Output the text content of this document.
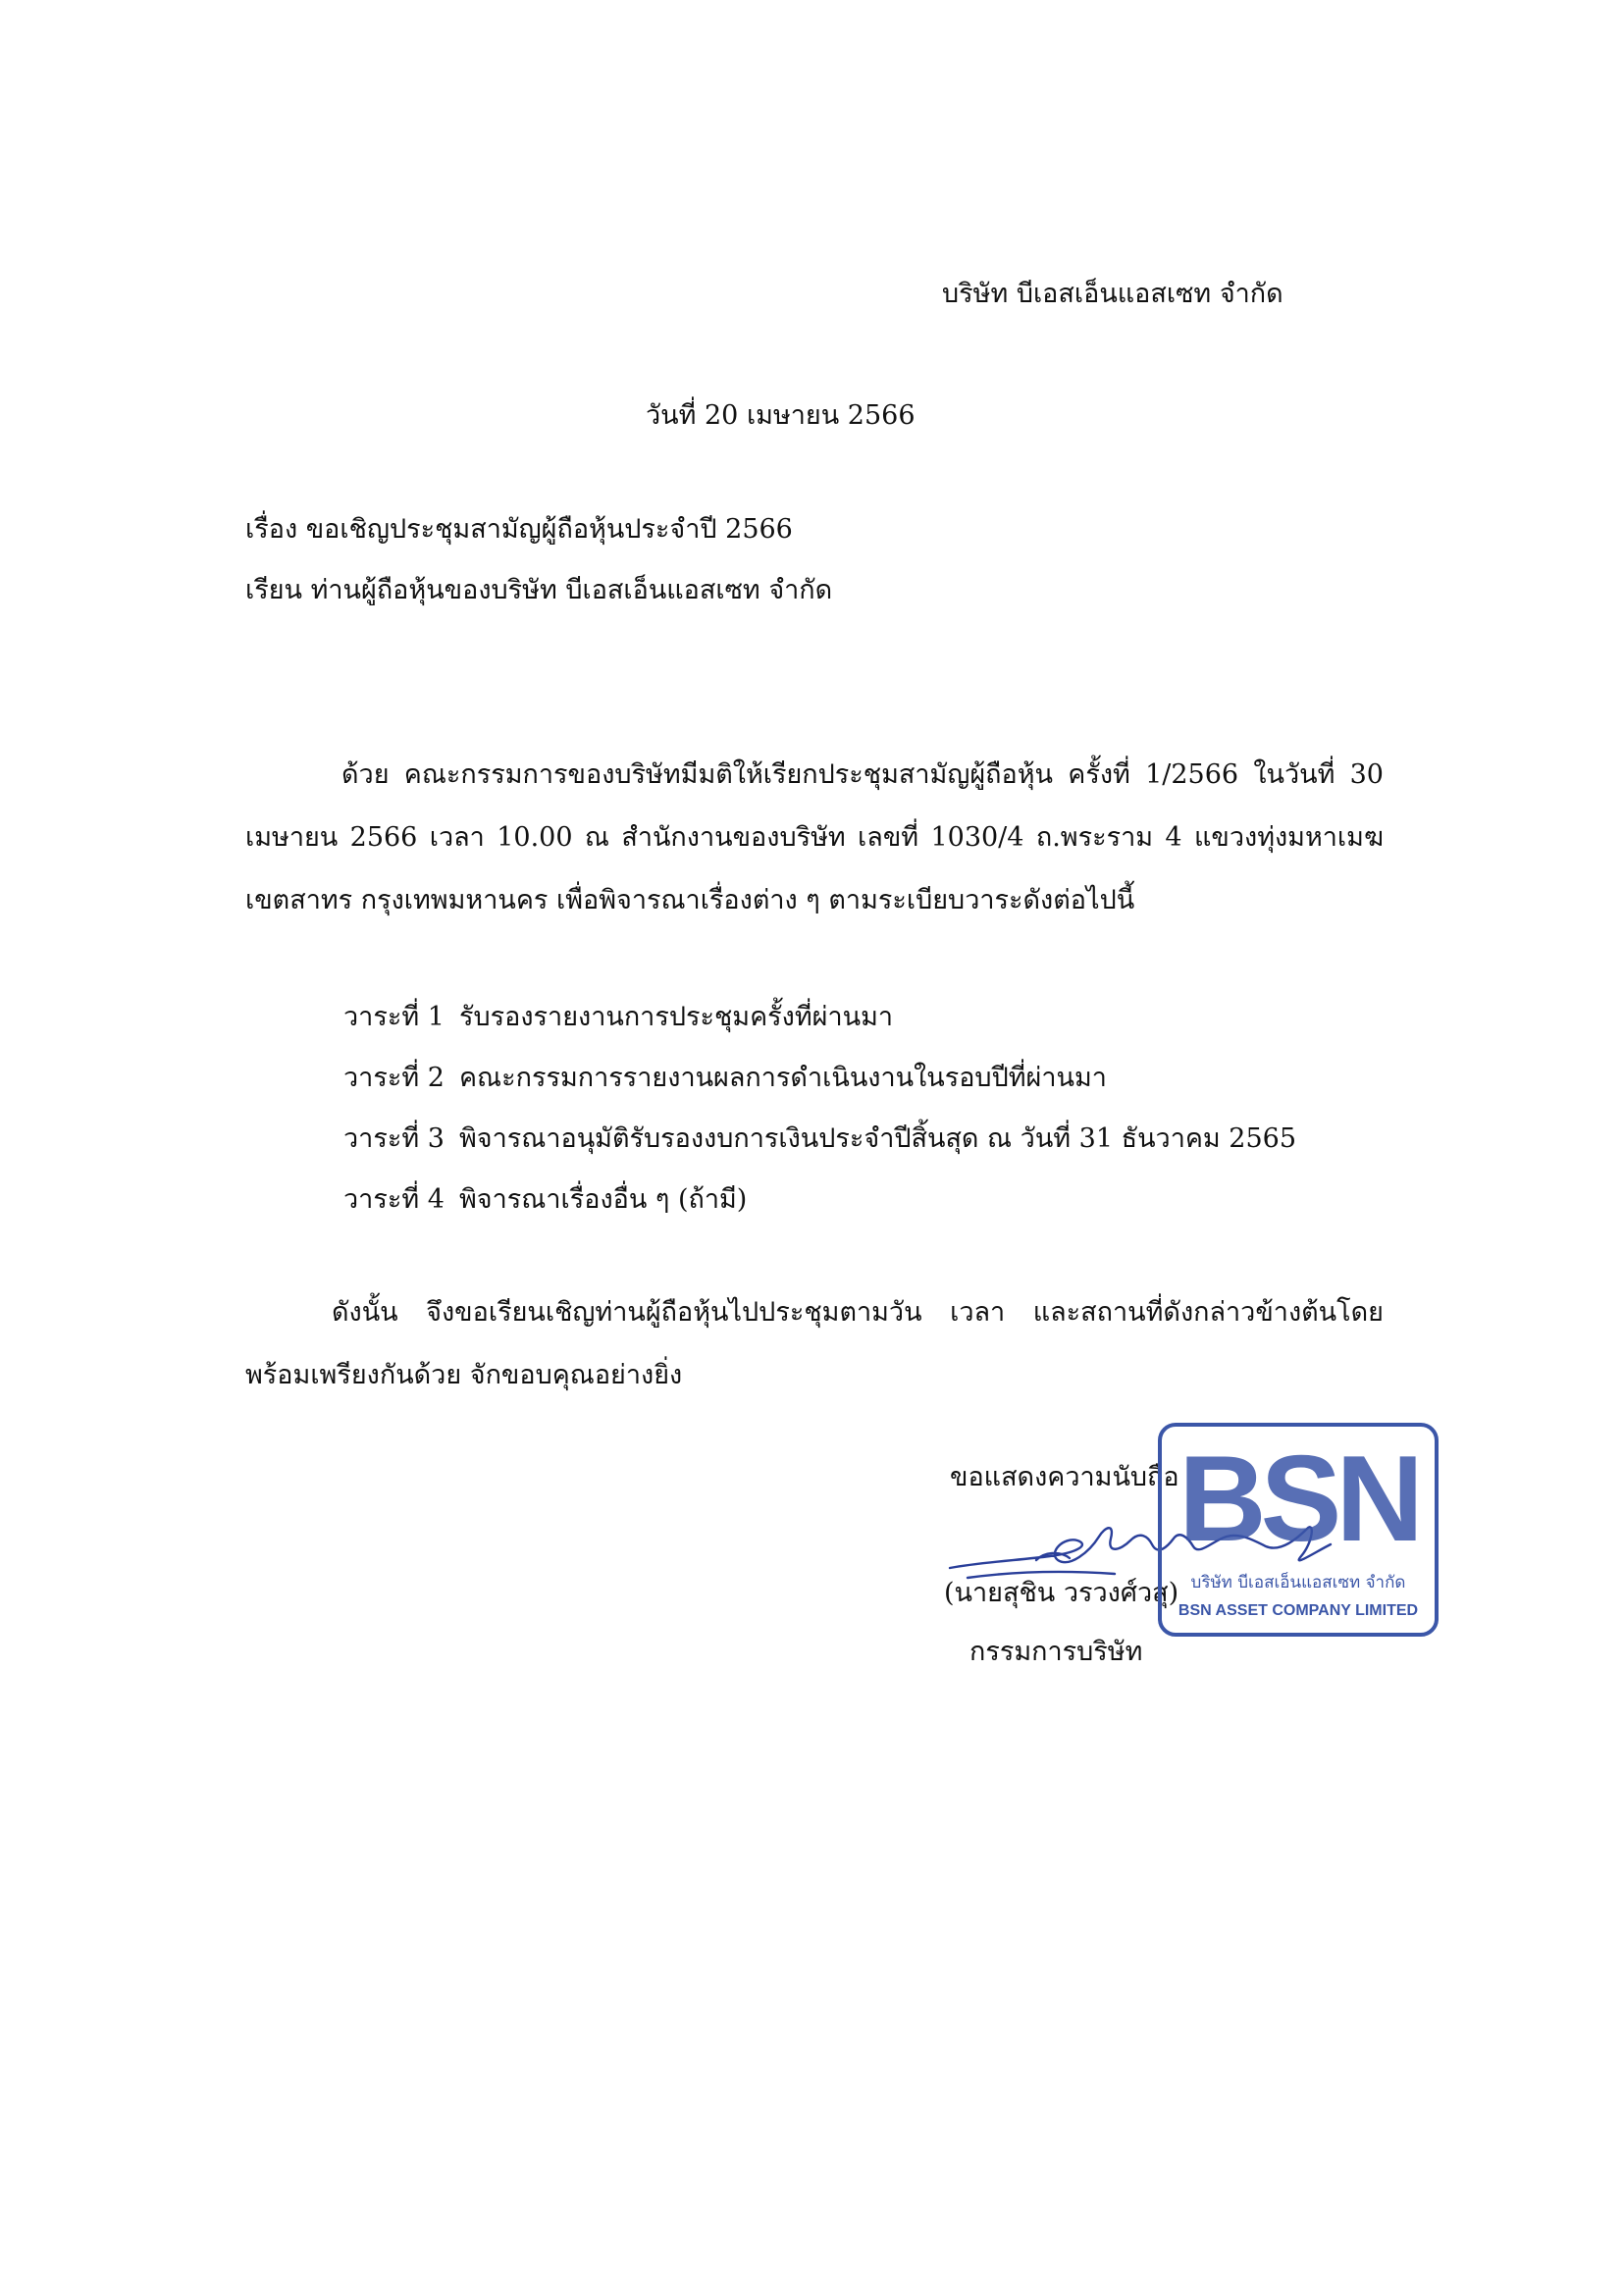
บริษัท บีเอสเอ็นแอสเซท จำกัด
วันที่ 20 เมษายน 2566
เรื่อง ขอเชิญประชุมสามัญผู้ถือหุ้นประจำปี 2566
เรียน ท่านผู้ถือหุ้นของบริษัท บีเอสเอ็นแอสเซท จำกัด
ด้วย คณะกรรมการของบริษัทมีมติให้เรียกประชุมสามัญผู้ถือหุ้น ครั้งที่ 1/2566 ในวันที่ 30 เมษายน 2566 เวลา 10.00 ณ สำนักงานของบริษัท เลขที่ 1030/4 ถ.พระราม 4 แขวงทุ่งมหาเมฆ เขตสาทร กรุงเทพมหานคร เพื่อพิจารณาเรื่องต่าง ๆ ตามระเบียบวาระดังต่อไปนี้
วาระที่ 1 รับรองรายงานการประชุมครั้งที่ผ่านมา
วาระที่ 2 คณะกรรมการรายงานผลการดำเนินงานในรอบปีที่ผ่านมา
วาระที่ 3 พิจารณาอนุมัติรับรองงบการเงินประจำปีสิ้นสุด ณ วันที่ 31 ธันวาคม 2565
วาระที่ 4 พิจารณาเรื่องอื่น ๆ (ถ้ามี)
ดังนั้น จึงขอเรียนเชิญท่านผู้ถือหุ้นไปประชุมตามวัน เวลา และสถานที่ดังกล่าวข้างต้นโดยพร้อมเพรียงกันด้วย จักขอบคุณอย่างยิ่ง
ขอแสดงความนับถือ
(นายสุชิน วรวงศ์วสุ)
กรรมการบริษัท
BSN
บริษัท บีเอสเอ็นแอสเซท จำกัด
BSN ASSET COMPANY LIMITED
